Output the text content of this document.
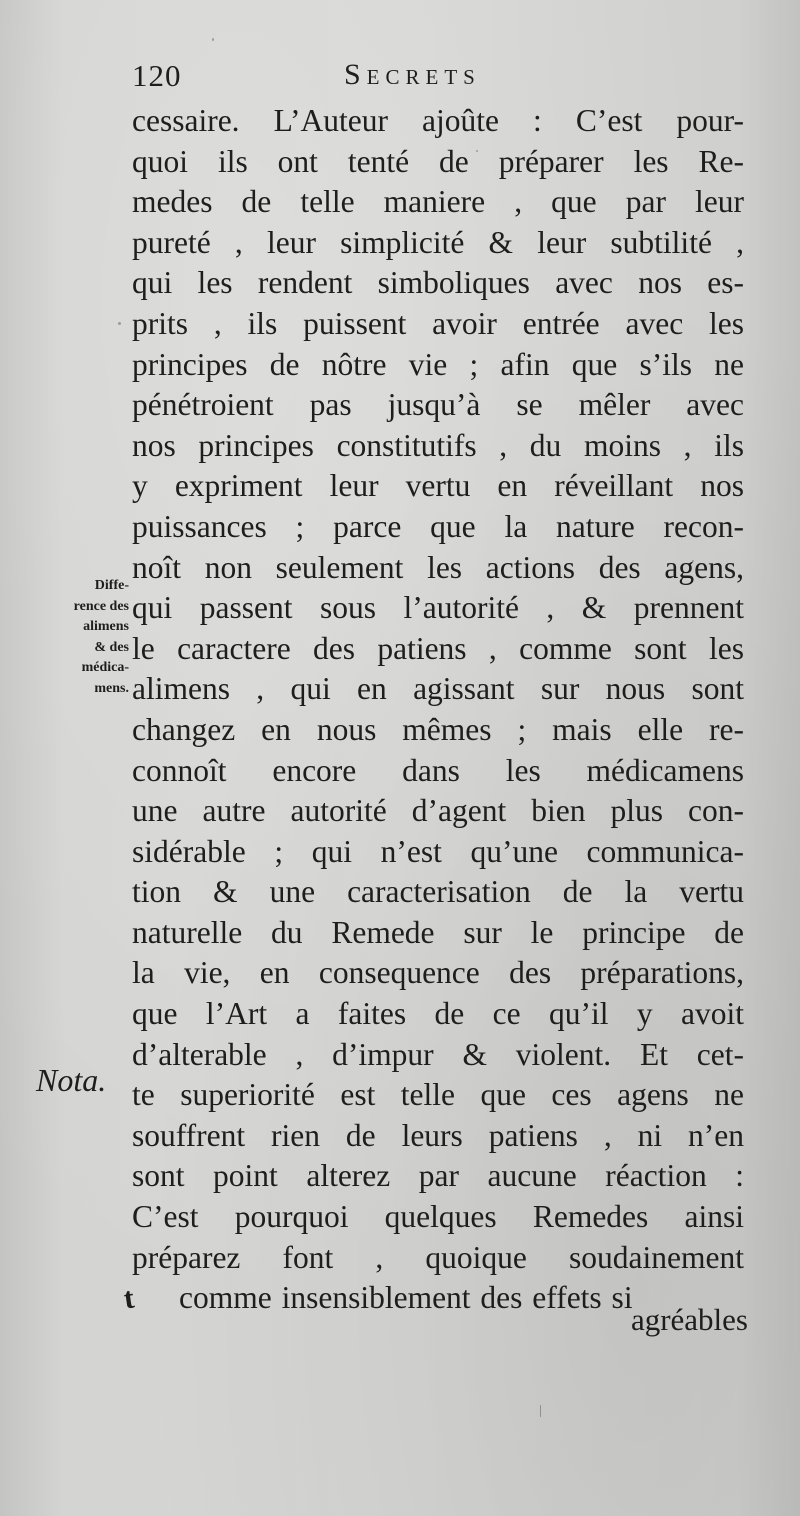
120	Secrets
Diffe-
rence des
alimens
& des
médica-
mens.
Nota.
cessaire. L’Auteur ajoûte : C’est pour-
quoi ils ont tenté de préparer les Re-
medes de telle maniere , que par leur
pureté , leur simplicité & leur subtilité ,
qui les rendent simboliques avec nos es-
prits , ils puissent avoir entrée avec les
principes de nôtre vie ; afin que s’ils ne
pénétroient pas jusqu’à se mêler avec
nos principes constitutifs , du moins , ils
y expriment leur vertu en réveillant nos
puissances ; parce que la nature recon-
noît non seulement les actions des agens,
qui passent sous l’autorité , & prennent
le caractere des patiens , comme sont les
alimens , qui en agissant sur nous sont
changez en nous mêmes ; mais elle re-
connoît encore dans les médicamens
une autre autorité d’agent bien plus con-
sidérable ; qui n’est qu’une communica-
tion & une caracterisation de la vertu
naturelle du Remede sur le principe de
la vie, en consequence des préparations,
que l’Art a faites de ce qu’il y avoit
d’alterable , d’impur & violent. Et cet-
te superiorité est telle que ces agens ne
souffrent rien de leurs patiens , ni n’en
sont point alterez par aucune réaction :
C’est pourquoi quelques Remedes ainsi
préparez font , quoique soudainement
comme insensiblement des effets si
t
agréables
